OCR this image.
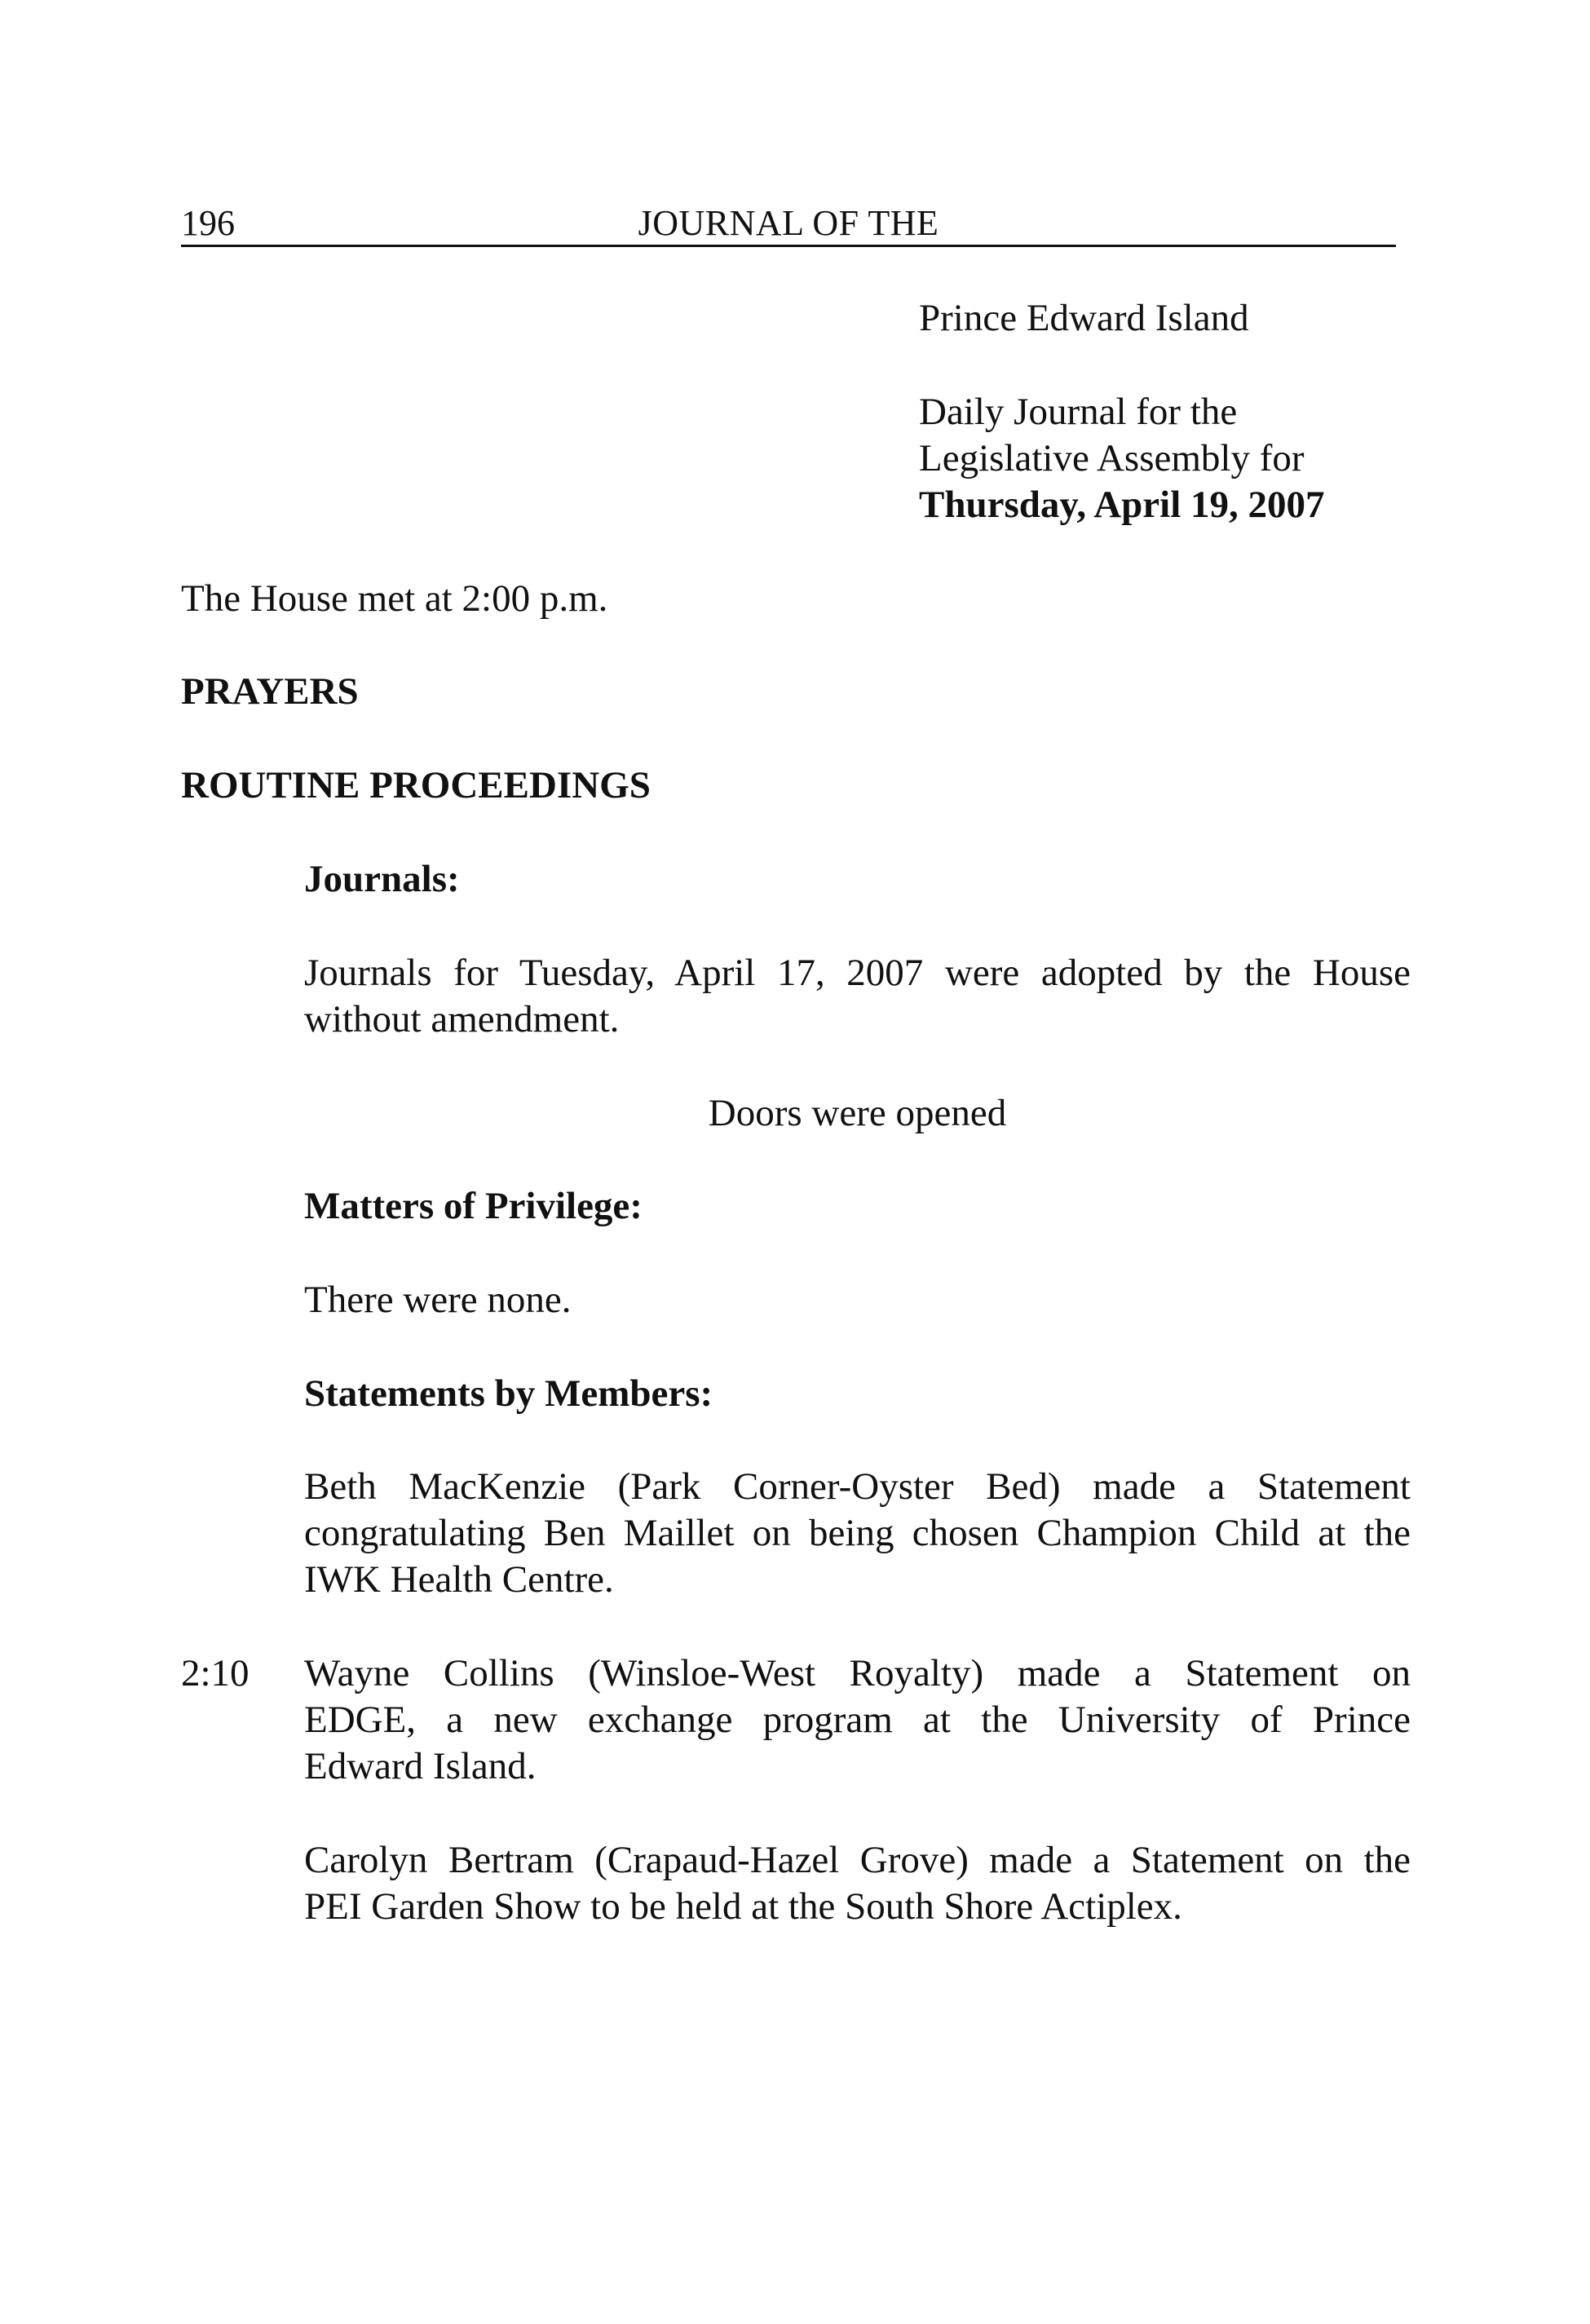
196	JOURNAL OF THE
Prince Edward Island
Daily Journal for the
Legislative Assembly for
Thursday, April 19, 2007
The House met at 2:00 p.m.
PRAYERS
ROUTINE PROCEEDINGS
Journals:
Journals for Tuesday, April 17, 2007 were adopted by the House
without amendment.
Doors were opened
Matters of Privilege:
There were none.
Statements by Members:
Beth MacKenzie (Park Corner-Oyster Bed) made a Statement
congratulating Ben Maillet on being chosen Champion Child at the
IWK Health Centre.
2:10 Wayne Collins (Winsloe-West Royalty) made a Statement on
EDGE, a new exchange program at the University of Prince
Edward Island.
Carolyn Bertram (Crapaud-Hazel Grove) made a Statement on the
PEI Garden Show to be held at the South Shore Actiplex.
